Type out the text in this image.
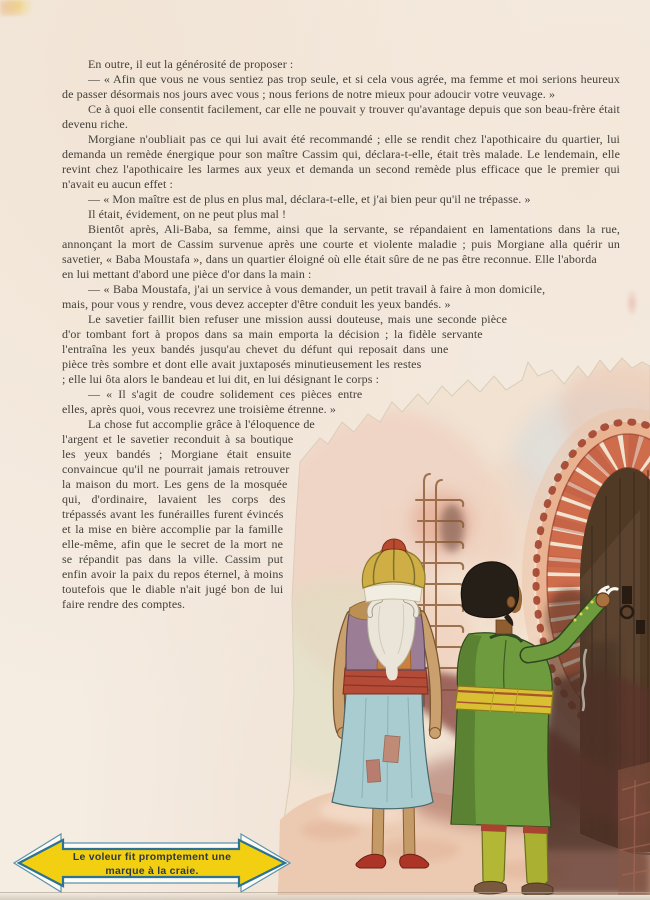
En outre, il eut la générosité de proposer :

— « Afin que vous ne vous sentiez pas trop seule, et si cela vous agrée, ma femme et moi serions heureux de passer désormais nos jours avec vous ; nous ferions de notre mieux pour adoucir votre veuvage. »

Ce à quoi elle consentit facilement, car elle ne pouvait y trouver qu'avantage depuis que son beau-frère était devenu riche.

Morgiane n'oubliait pas ce qui lui avait été recommandé ; elle se rendit chez l'apothicaire du quartier, lui demanda un remède énergique pour son maître Cassim qui, déclara-t-elle, était très malade. Le lendemain, elle revint chez l'apothicaire les larmes aux yeux et demanda un second remède plus efficace que le premier qui n'avait eu aucun effet :

— « Mon maître est de plus en plus mal, déclara-t-elle, et j'ai bien peur qu'il ne trépasse. »

Il était, évidement, on ne peut plus mal !

Bientôt après, Ali-Baba, sa femme, ainsi que la servante, se répandaient en lamentations dans la rue, annonçant la mort de Cassim survenue après une courte et violente maladie ; puis Morgiane alla quérir un savetier, « Baba Moustafa », dans un quartier éloigné où elle était sûre de ne pas être reconnue. Elle l'aborda en lui mettant d'abord une pièce d'or dans la main :

— « Baba Moustafa, j'ai un service à vous demander, un petit travail à faire à mon domicile, mais, pour vous y rendre, vous devez accepter d'être conduit les yeux bandés. »

Le savetier faillit bien refuser une mission aussi douteuse, mais une seconde pièce d'or tombant fort à propos dans sa main emporta la décision ; la fidèle servante l'entraîna les yeux bandés jusqu'au chevet du défunt qui reposait dans une pièce très sombre et dont elle avait juxtaposés minutieusement les restes ; elle lui ôta alors le bandeau et lui dit, en lui désignant le corps :

— « Il s'agit de coudre solidement ces pièces entre elles, après quoi, vous recevrez une troisième étrenne. »

La chose fut accomplie grâce à l'éloquence de l'argent et le savetier reconduit à sa boutique les yeux bandés ; Morgiane était ensuite convaincue qu'il ne pourrait jamais retrouver la maison du mort. Les gens de la mosquée qui, d'ordinaire, lavaient les corps des trépassés avant les funérailles furent évincés et la mise en bière accomplie par la famille elle-même, afin que le secret de la mort ne se répandit pas dans la ville. Cassim put enfin avoir la paix du repos éternel, à moins toutefois que le diable n'ait jugé bon de lui faire rendre des comptes.

Le voleur fit promptement une
marque à la craie.
